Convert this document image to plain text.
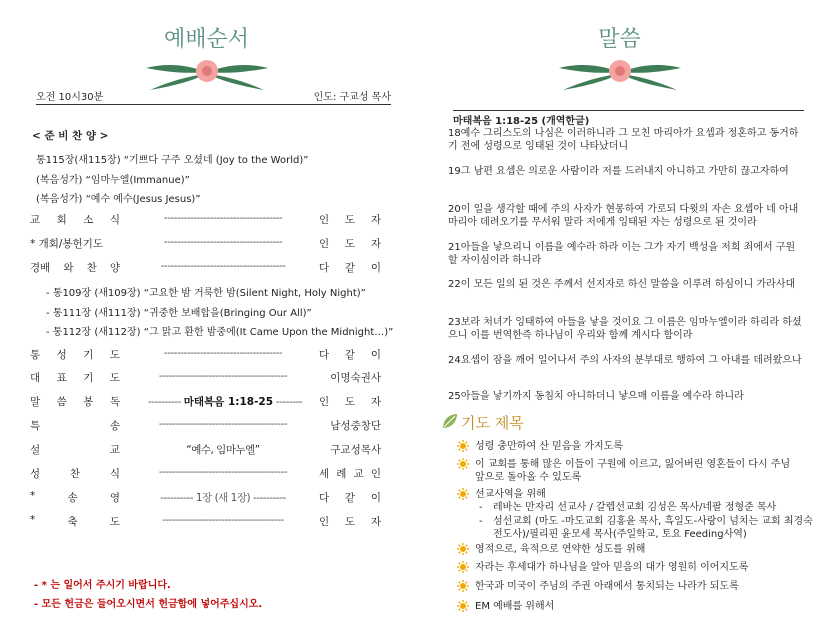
예배순서
오전 10시30분	인도: 구교성 목사
< 준 비 찬 양 >
통115장(새115장) “기쁘다 구주 오셨네 (Joy to the World)”
(복음성가) “임마누엘(Immanue)”
(복음성가) “예수 예수(Jesus Jesus)”
교 회 소 식	------------------------------------	인 도 자
* 개회/봉헌기도	------------------------------------	인 도 자
경배 와 찬 양	--------------------------------------	다 같 이
- 통109장 (새109장) “고요한 밤 거룩한 밤(Silent Night, Holy Night)”
- 통111장 (새111장) “귀중한 보배합을(Bringing Our All)”
- 통112장 (새112장) “그 맑고 환한 밤중에(It Came Upon the Midnight…)”
통 성 기 도	------------------------------------	다 같 이
대 표 기 도	---------------------------------------	이명숙권사
말 씀 봉 독	---------- 마태복음 1:18-25 -------- 인 도 자
특	송	---------------------------------------	남성중창단
설	교	“예수, 임마누엘”	구교성목사
성	찬	식	---------------------------------------	세 례 교 인
*	송	영	---------- 1장 (새 1장) ----------	다 같 이
*	축	도	-------------------------------------	인 도 자
- * 는 일어서 주시기 바랍니다.
- 모든 헌금은 들어오시면서 헌금함에 넣어주십시오.
말씀
마태복음 1:18-25 (개역한글)
18예수 그리스도의 나심은 이러하니라 그 모친 마리아가 요셉과 정혼하고 동거하기 전에 성령으로 잉태된 것이 나타났더니
19그 남편 요셉은 의로운 사람이라 저를 드러내지 아니하고 가만히 끊고자하여
20이 일을 생각할 때에 주의 사자가 현몽하여 가로되 다윗의 자손 요셉아 네 아내 마리아 데려오기를 무서워 말라 저에게 잉태된 자는 성령으로 된 것이라
21아들을 낳으리니 이름을 예수라 하라 이는 그가 자기 백성을 저희 죄에서 구원할 자이심이라 하니라
22이 모든 일의 된 것은 주께서 선지자로 하신 말씀을 이루려 하심이니 가라사대
23보라 처녀가 잉태하여 아들을 낳을 것이요 그 이름은 임마누엘이라 하리라 하셨으니 이를 번역한즉 하나님이 우리와 함께 계시다 함이라
24요셉이 잠을 깨어 일어나서 주의 사자의 분부대로 행하여 그 아내를 데려왔으나
25아들을 낳기까지 동침치 아니하더니 낳으매 이름을 예수라 하니라
기도 제목
성령 충만하여 산 믿음을 가지도록
이 교회를 통해 많은 이들이 구원에 이르고, 잃어버린 영혼들이 다시 주님 앞으로 돌아올 수 있도록
선교사역을 위해
- 레바논 만자리 선교사 / 갈렙선교회 김성은 목사/네팔 정형준 목사
- 섬선교회 (마도 -마도교회 김홍윤 목사, 흑일도-사랑이 넘치는 교회 최경숙 전도사)/필리핀 윤모세 목사(주일학교, 토요 Feeding사역)
영적으로, 육적으로 연약한 성도를 위해
자라는 후세대가 하나님을 알아 믿음의 대가 영원히 이어지도록
한국과 미국이 주님의 주권 아래에서 통치되는 나라가 되도록
EM 예배를 위해서
